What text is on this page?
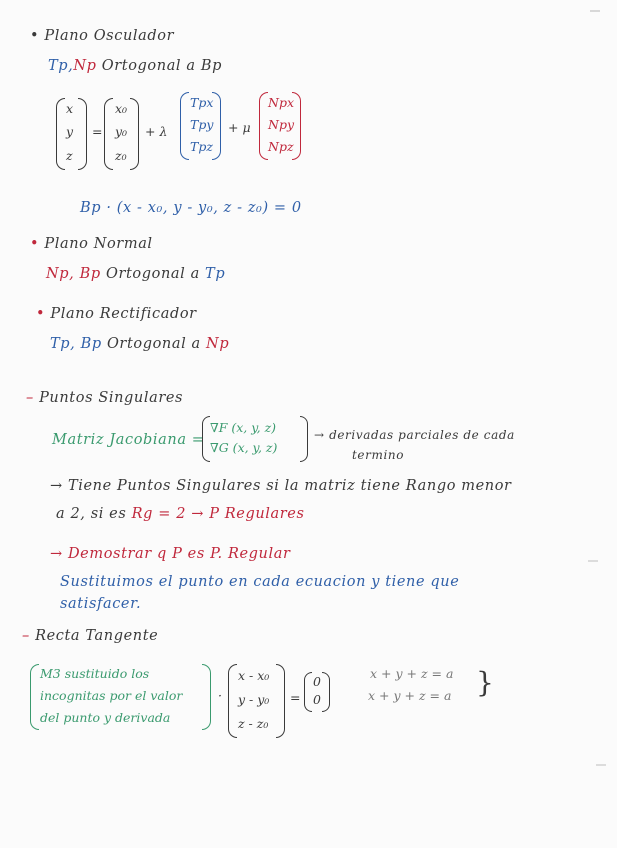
• Plano Osculador
Tp,Np Ortogonal a Bp
x
y
z
=
x₀
y₀
z₀
+ λ
Tpx
Tpy
Tpz
+ μ
Npx
Npy
Npz
Bp · (x - x₀, y - y₀, z - z₀) = 0
• Plano Normal
Np, Bp Ortogonal a Tp
• Plano Rectificador
Tp, Bp Ortogonal a Np
– Puntos Singulares
Matriz Jacobiana =
∇F (x, y, z)
∇G (x, y, z)
→ derivadas parciales de cada
termino
→ Tiene Puntos Singulares si la matriz tiene Rango menor
a 2, si es Rg = 2 → P Regulares
→ Demostrar q P es P. Regular
Sustituimos el punto en cada ecuacion y tiene que
satisfacer.
– Recta Tangente
M3 sustituido los
incognitas por el valor
del punto y derivada
·
x - x₀
y - y₀
z - z₀
=
0
0
x + y + z = a
x + y + z = a }
